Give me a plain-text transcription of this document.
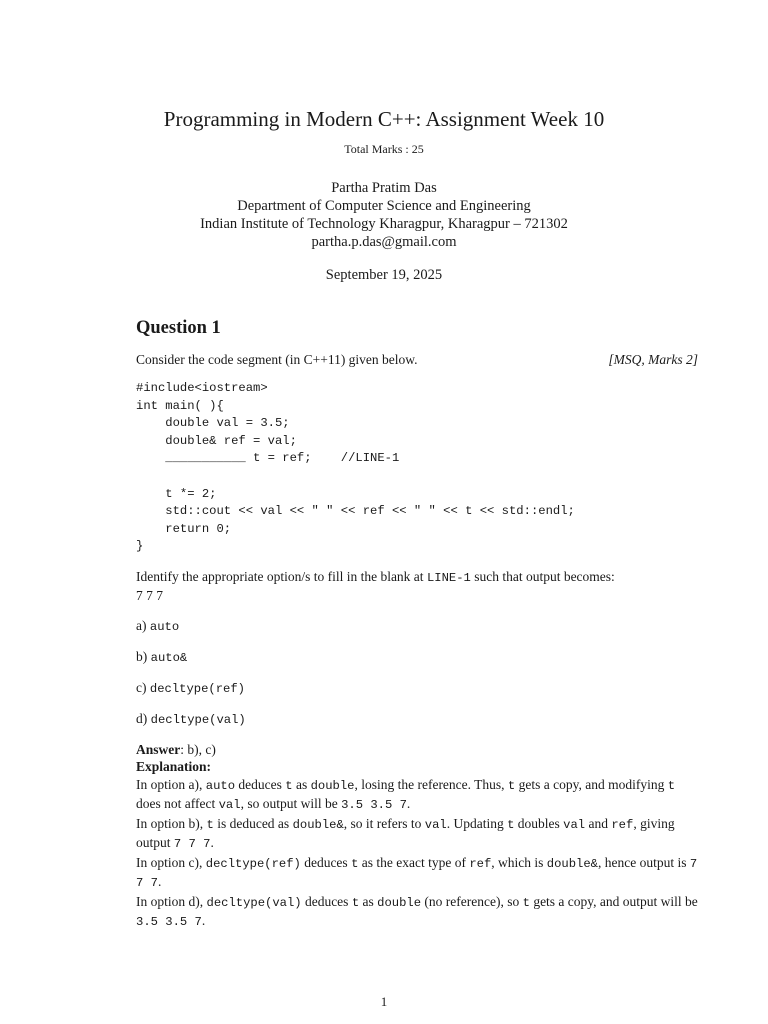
Programming in Modern C++: Assignment Week 10
Total Marks : 25
Partha Pratim Das
Department of Computer Science and Engineering
Indian Institute of Technology Kharagpur, Kharagpur – 721302
partha.p.das@gmail.com
September 19, 2025
Question 1
Consider the code segment (in C++11) given below.	[MSQ, Marks 2]
#include<iostream>
int main( ){
double val = 3.5;
double& ref = val;
___________ t = ref;    //LINE-1

t *= 2;
std::cout << val << " " << ref << " " << t << std::endl;
return 0;
}
Identify the appropriate option/s to fill in the blank at LINE-1 such that output becomes:
7 7 7
a) auto
b) auto&
c) decltype(ref)
d) decltype(val)
Answer: b), c)
Explanation:
In option a), auto deduces t as double, losing the reference. Thus, t gets a copy, and modifying t does not affect val, so output will be 3.5 3.5 7.
In option b), t is deduced as double&, so it refers to val. Updating t doubles val and ref, giving output 7 7 7.
In option c), decltype(ref) deduces t as the exact type of ref, which is double&, hence output is 7 7 7.
In option d), decltype(val) deduces t as double (no reference), so t gets a copy, and output will be 3.5 3.5 7.
1
